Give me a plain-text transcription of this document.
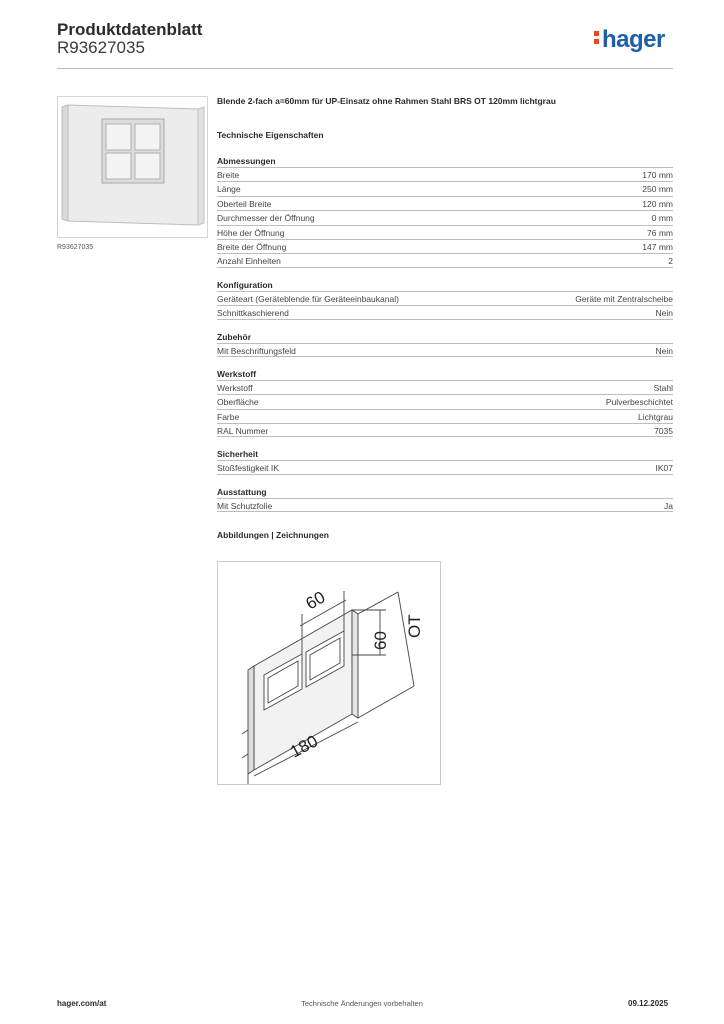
Produktdatenblatt
R93627035	hager
R93627035
Blende 2-fach a=60mm für UP-Einsatz ohne Rahmen Stahl BRS OT 120mm lichtgrau
Technische Eigenschaften
Abmessungen
Breite	170 mm
Länge	250 mm
Oberteil Breite	120 mm
Durchmesser der Öffnung	0 mm
Höhe der Öffnung	76 mm
Breite der Öffnung	147 mm
Anzahl Einheiten	2
Konfiguration
Geräteart (Geräteblende für Geräteeinbaukanal)	Geräte mit Zentralscheibe
Schnittkaschierend	Nein
Zubehör
Mit Beschriftungsfeld	Nein
Werkstoff
Werkstoff	Stahl
Oberfläche	Pulverbeschichtet
Farbe	Lichtgrau
RAL Nummer	7035
Sicherheit
Stoßfestigkeit IK	IK07
Ausstattung
Mit Schutzfolie	Ja
Abbildungen | Zeichnungen
60
60
OT
180
hager.com/at	Technische Änderungen vorbehalten	09.12.2025
